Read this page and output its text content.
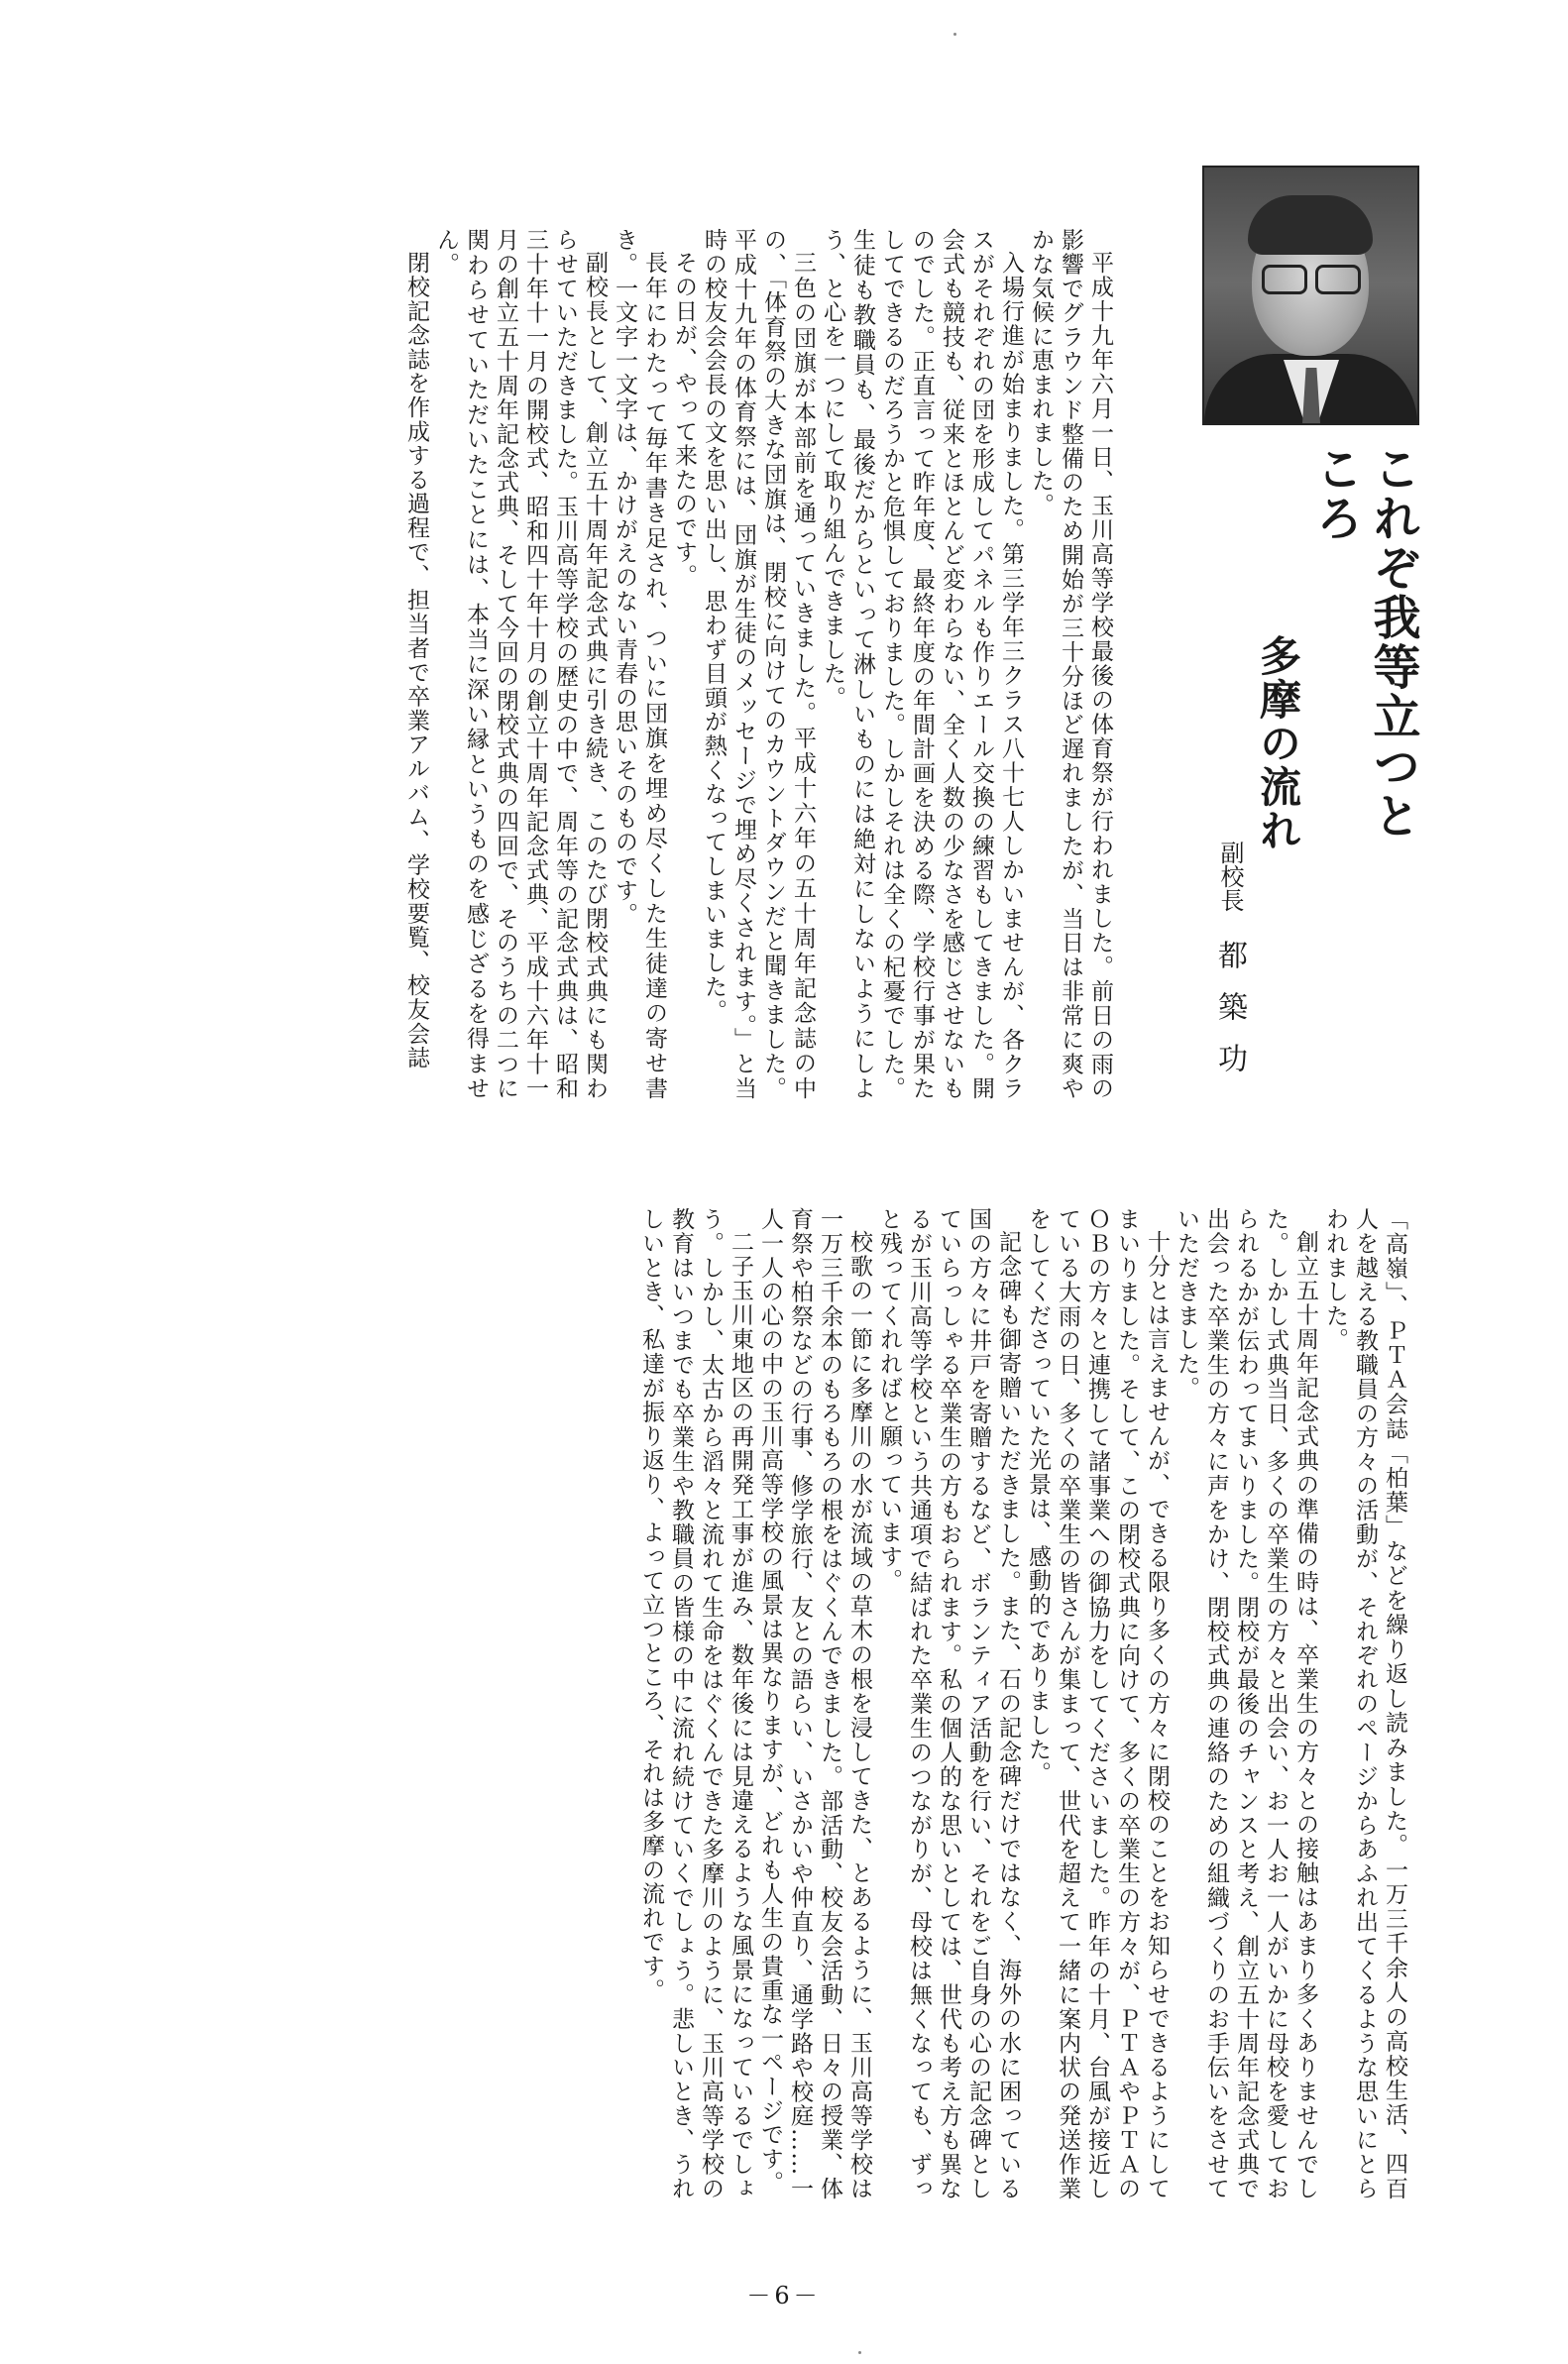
これぞ我等立つところ
多摩の流れ
副校長
都築功

平成十九年六月一日、玉川高等学校最後の体育祭が行われました。前日の雨の影響でグラウンド整備のため開始が三十分ほど遅れましたが、当日は非常に爽やかな気候に恵まれました。

入場行進が始まりました。第三学年三クラス八十七人しかいませんが、各クラスがそれぞれの団を形成してパネルも作りエール交換の練習もしてきました。開会式も競技も、従来とほとんど変わらない、全く人数の少なさを感じさせないものでした。正直言って昨年度、最終年度の年間計画を決める際、学校行事が果たしてできるのだろうかと危惧しておりました。しかしそれは全くの杞憂でした。生徒も教職員も、最後だからといって淋しいものには絶対にしないようにしよう、と心を一つにして取り組んできました。

三色の団旗が本部前を通っていきました。平成十六年の五十周年記念誌の中の、「体育祭の大きな団旗は、閉校に向けてのカウントダウンだと聞きました。平成十九年の体育祭には、団旗が生徒のメッセージで埋め尽くされます。」と当時の校友会会長の文を思い出し、思わず目頭が熱くなってしまいました。

その日が、やって来たのです。

長年にわたって毎年書き足され、ついに団旗を埋め尽くした生徒達の寄せ書き。一文字一文字は、かけがえのない青春の思いそのものです。

副校長として、創立五十周年記念式典に引き続き、このたび閉校式典にも関わらせていただきました。玉川高等学校の歴史の中で、周年等の記念式典は、昭和三十年十一月の開校式、昭和四十年十月の創立十周年記念式典、平成十六年十一月の創立五十周年記念式典、そして今回の閉校式典の四回で、そのうちの二つに関わらせていただいたことには、本当に深い縁というものを感じざるを得ません。

閉校記念誌を作成する過程で、担当者で卒業アルバム、学校要覧、校友会誌

「高嶺」、ＰＴＡ会誌「柏葉」などを繰り返し読みました。一万三千余人の高校生活、四百人を越える教職員の方々の活動が、それぞれのページからあふれ出てくるような思いにとらわれました。

創立五十周年記念式典の準備の時は、卒業生の方々との接触はあまり多くありませんでした。しかし式典当日、多くの卒業生の方々と出会い、お一人お一人がいかに母校を愛しておられるかが伝わってまいりました。閉校が最後のチャンスと考え、創立五十周年記念式典で出会った卒業生の方々に声をかけ、閉校式典の連絡のための組織づくりのお手伝いをさせていただきました。

十分とは言えませんが、できる限り多くの方々に閉校のことをお知らせできるようにしてまいりました。そして、この閉校式典に向けて、多くの卒業生の方々が、ＰＴＡやＰＴＡのＯＢの方々と連携して諸事業への御協力をしてくださいました。昨年の十月、台風が接近している大雨の日、多くの卒業生の皆さんが集まって、世代を超えて一緒に案内状の発送作業をしてくださっていた光景は、感動的でありました。

記念碑も御寄贈いただきました。また、石の記念碑だけではなく、海外の水に困っている国の方々に井戸を寄贈するなど、ボランティア活動を行い、それをご自身の心の記念碑としていらっしゃる卒業生の方もおられます。私の個人的な思いとしては、世代も考え方も異なるが玉川高等学校という共通項で結ばれた卒業生のつながりが、母校は無くなっても、ずっと残ってくれればと願っています。

校歌の一節に多摩川の水が流域の草木の根を浸してきた、とあるように、玉川高等学校は一万三千余本のもろもろの根をはぐくんできました。部活動、校友会活動、日々の授業、体育祭や柏祭などの行事、修学旅行、友との語らい、いさかいや仲直り、通学路や校庭……一人一人の心の中の玉川高等学校の風景は異なりますが、どれも人生の貴重な一ページです。

二子玉川東地区の再開発工事が進み、数年後には見違えるような風景になっているでしょう。しかし、太古から滔々と流れて生命をはぐくんできた多摩川のように、玉川高等学校の教育はいつまでも卒業生や教職員の皆様の中に流れ続けていくでしょう。悲しいとき、うれしいとき、私達が振り返り、よって立つところ、それは多摩の流れです。

－6－
